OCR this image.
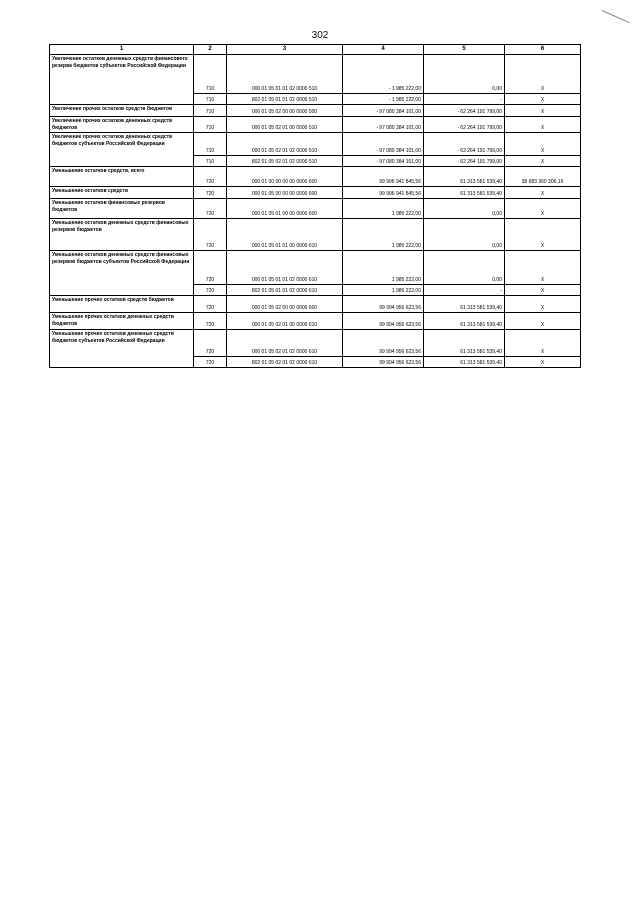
302
1	2	3	4	5	6
Увеличение остатков денежных средств финансового резерва бюджетов субъектов Российской Федерации	710	000 01 05 01 01 02 0000 510	- 1 985 222,00	0,00	X
	710	802 01 05 01 01 02 0000 510	- 1 985 222,00	-	X
Увеличение прочих остатков средств бюджетов	710	000 01 05 02 00 00 0000 500	- 97 080 384 101,00	- 62 264 191 799,00	X
Увеличение прочих остатков денежных средств бюджетов	710	000 01 05 02 01 00 0000 510	- 97 080 384 101,00	- 62 264 191 799,00	X
Увеличение прочих остатков денежных средств бюджетов субъектов Российской Федерации	710	000 01 05 02 01 02 0000 510	- 97 080 384 101,00	- 62 264 191 799,00	X
	710	802 01 05 02 01 02 0000 510	- 97 080 384 101,00	- 62 264 191 799,00	X
Уменьшение остатков средств, всего	720	000 01 00 00 00 00 0000 600	99 996 941 845,56	61 313 581 539,40	38 683 360 306,16
Уменьшение остатков средств	720	000 01 05 00 00 00 0000 600	99 996 941 845,56	61 313 581 539,40	X
Уменьшение остатков финансовых резервов бюджетов	720	000 01 05 01 00 00 0000 600	1 985 222,00	0,00	X
Уменьшение остатков денежных средств финансовых резервов бюджетов	720	000 01 05 01 01 00 0000 610	1 985 222,00	0,00	X
Уменьшение остатков денежных средств финансовых резервов бюджетов субъектов Российской Федерации	720	000 01 05 01 01 02 0000 610	1 985 222,00	0,00	X
	720	802 01 05 01 01 02 0000 610	1 985 222,00	-	X
Уменьшение прочих остатков средств бюджетов	720	000 01 05 02 00 00 0000 600	99 994 956 623,56	61 313 581 539,40	X
Уменьшение прочих остатков денежных средств бюджетов	720	000 01 05 02 01 00 0000 610	99 994 956 623,56	61 313 581 539,40	X
Уменьшение прочих остатков денежных средств бюджетов субъектов Российской Федерации	720	000 01 05 02 01 02 0000 610	99 994 956 623,56	61 313 581 539,40	X
	720	802 01 05 02 01 02 0000 610	99 994 956 623,56	61 313 581 539,40	X
